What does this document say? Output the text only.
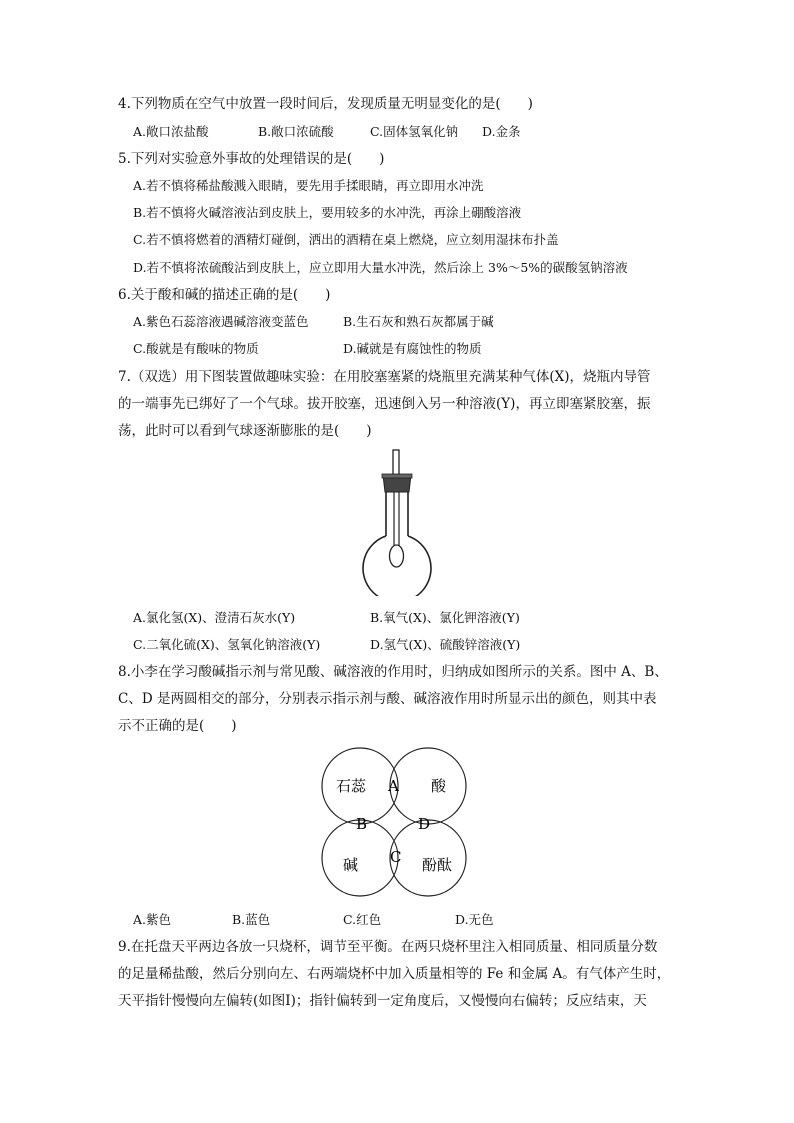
4.下列物质在空气中放置一段时间后，发现质量无明显变化的是(　　)
A.敞口浓盐酸	B.敞口浓硫酸	C.固体氢氧化钠 D.金条
5.下列对实验意外事故的处理错误的是(　　)
A.若不慎将稀盐酸溅入眼睛，要先用手揉眼睛，再立即用水冲洗
B.若不慎将火碱溶液沾到皮肤上，要用较多的水冲洗，再涂上硼酸溶液
C.若不慎将燃着的酒精灯碰倒，洒出的酒精在桌上燃烧，应立刻用湿抹布扑盖
D.若不慎将浓硫酸沾到皮肤上，应立即用大量水冲洗，然后涂上 3%～5%的碳酸氢钠溶液
6.关于酸和碱的描述正确的是(　　)
A.紫色石蕊溶液遇碱溶液变蓝色	B.生石灰和熟石灰都属于碱
C.酸就是有酸味的物质	D.碱就是有腐蚀性的物质
7.（双选）用下图装置做趣味实验：在用胶塞塞紧的烧瓶里充满某种气体(X)，烧瓶内导管
的一端事先已绑好了一个气球。拔开胶塞，迅速倒入另一种溶液(Y)，再立即塞紧胶塞，振
荡，此时可以看到气球逐渐膨胀的是(　　)
A.氯化氢(X)、澄清石灰水(Y)	B.氧气(X)、氯化钾溶液(Y)
C.二氧化硫(X)、氢氧化钠溶液(Y)	D.氢气(X)、硫酸锌溶液(Y)
8.小李在学习酸碱指示剂与常见酸、碱溶液的作用时，归纳成如图所示的关系。图中 A、B、
C、D 是两圆相交的部分，分别表示指示剂与酸、碱溶液作用时所显示出的颜色，则其中表
示不正确的是(　　)
石蕊	酸
碱	酚酞
A
B
C
D
A.紫色	B.蓝色	C.红色	D.无色
9.在托盘天平两边各放一只烧杯，调节至平衡。在两只烧杯里注入相同质量、相同质量分数
的足量稀盐酸，然后分别向左、右两端烧杯中加入质量相等的 Fe 和金属 A。有气体产生时，
天平指针慢慢向左偏转(如图Ⅰ)；指针偏转到一定角度后，又慢慢向右偏转；反应结束，天
